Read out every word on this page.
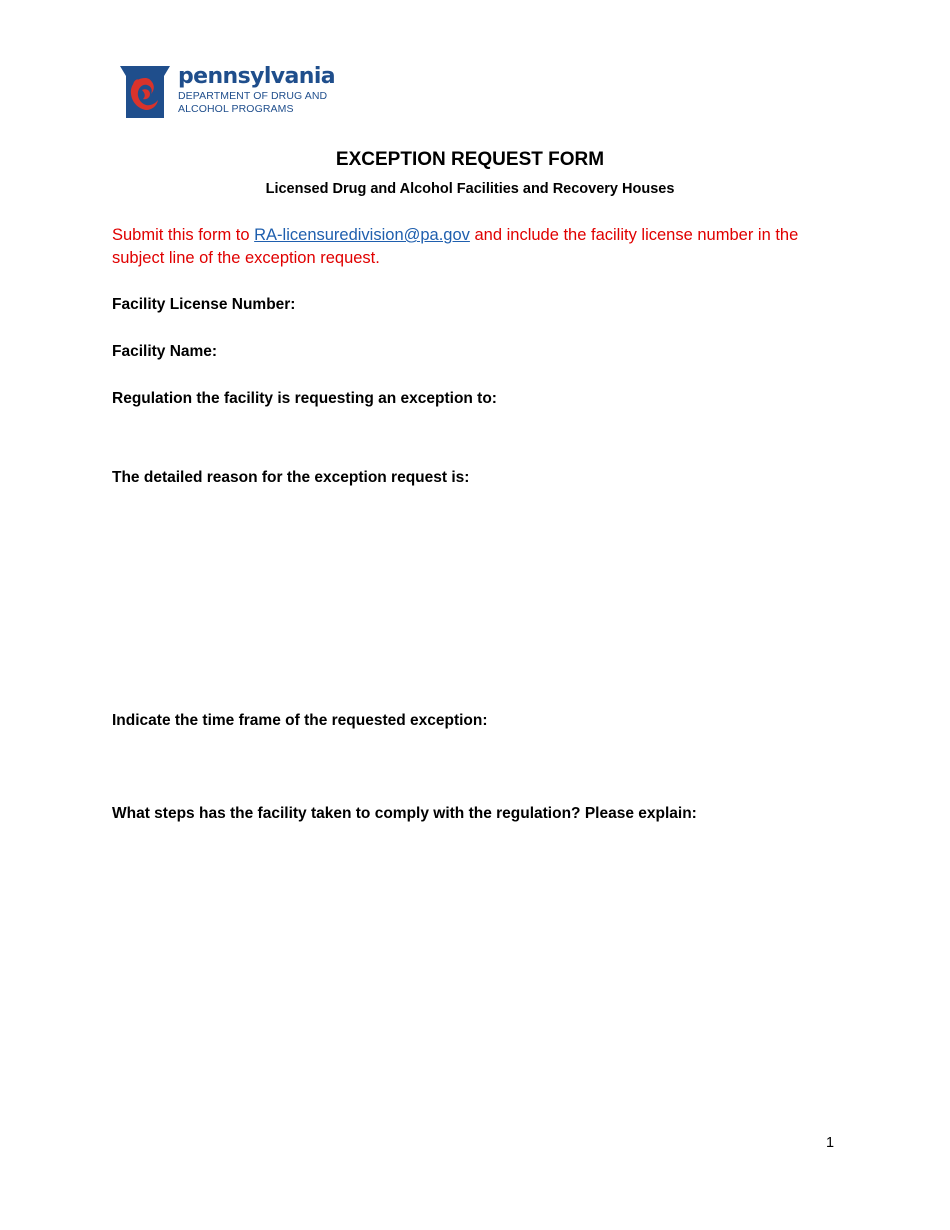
pennsylvania
DEPARTMENT OF DRUG AND
ALCOHOL PROGRAMS
EXCEPTION REQUEST FORM
Licensed Drug and Alcohol Facilities and Recovery Houses
Submit this form to RA-licensuredivision@pa.gov and include the facility license number in the subject line of the exception request.
Facility License Number:
Facility Name:
Regulation the facility is requesting an exception to:
The detailed reason for the exception request is:
Indicate the time frame of the requested exception:
What steps has the facility taken to comply with the regulation? Please explain:
1
